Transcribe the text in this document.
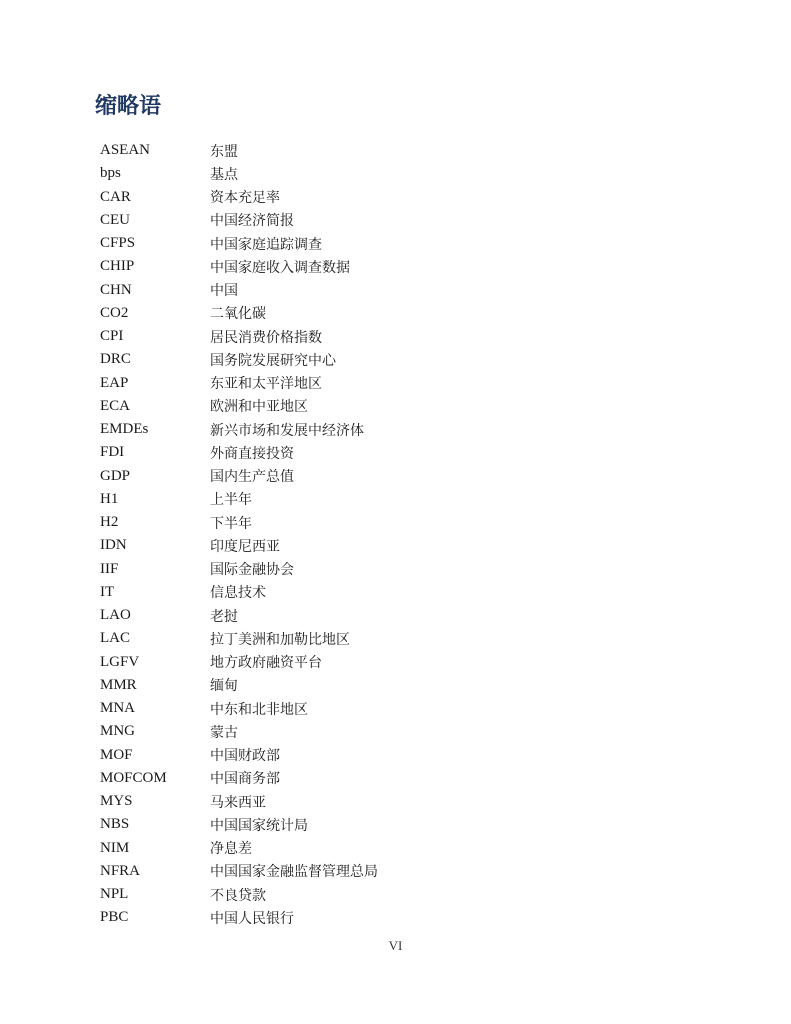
缩略语
ASEAN	东盟
bps	基点
CAR	资本充足率
CEU	中国经济简报
CFPS	中国家庭追踪调查
CHIP	中国家庭收入调查数据
CHN	中国
CO2	二氧化碳
CPI	居民消费价格指数
DRC	国务院发展研究中心
EAP	东亚和太平洋地区
ECA	欧洲和中亚地区
EMDEs	新兴市场和发展中经济体
FDI	外商直接投资
GDP	国内生产总值
H1	上半年
H2	下半年
IDN	印度尼西亚
IIF	国际金融协会
IT	信息技术
LAO	老挝
LAC	拉丁美洲和加勒比地区
LGFV	地方政府融资平台
MMR	缅甸
MNA	中东和北非地区
MNG	蒙古
MOF	中国财政部
MOFCOM	中国商务部
MYS	马来西亚
NBS	中国国家统计局
NIM	净息差
NFRA	中国国家金融监督管理总局
NPL	不良贷款
PBC	中国人民银行
VI
